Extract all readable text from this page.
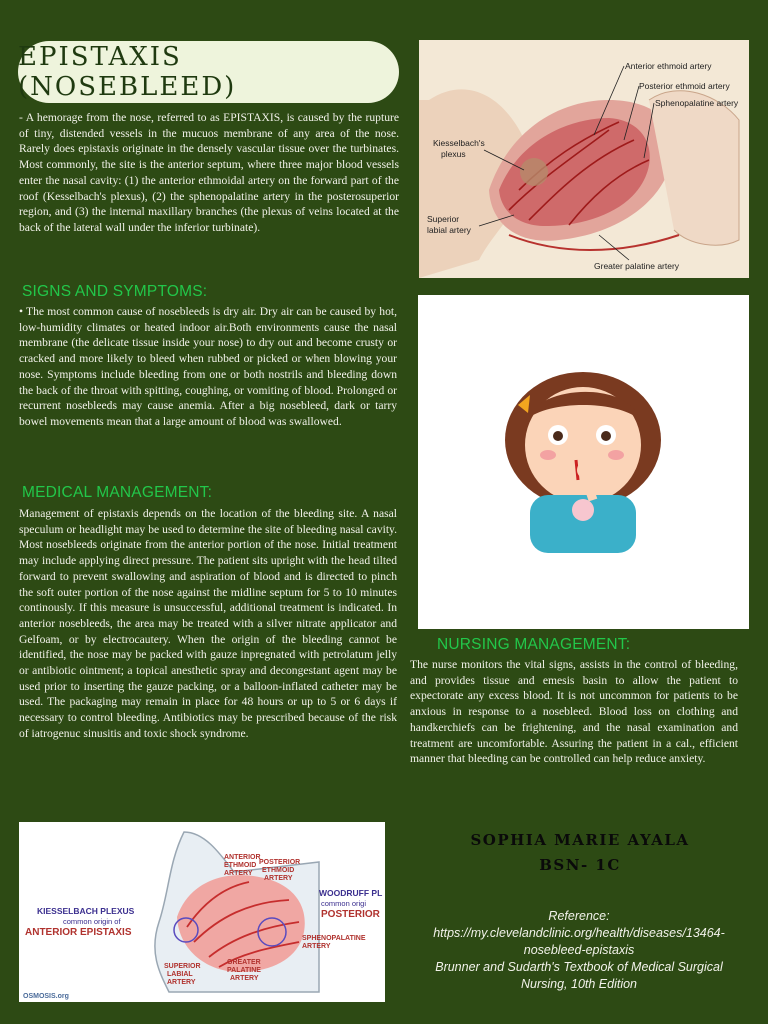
EPISTAXIS (NOSEBLEED)
- A hemorage from the nose, referred to as EPISTAXIS, is caused by the rupture of tiny, distended vessels in the mucuos membrane of any area of the nose. Rarely does epistaxis originate in the densely vascular tissue over the turbinates. Most commonly, the site is the anterior septum, where three major blood vessels enter the nasal cavity: (1) the anterior ethmoidal artery on the forward part of the roof (Kesselbach's plexus), (2) the sphenopalatine artery in the posterosuperior region, and (3) the internal maxillary branches (the plexus of veins located at the back of the lateral wall under the inferior turbinate).
SIGNS AND SYMPTOMS:
• The most common cause of nosebleeds is dry air. Dry air can be caused by hot, low-humidity climates or heated indoor air.Both environments cause the nasal membrane (the delicate tissue inside your nose) to dry out and become crusty or cracked and more likely to bleed when rubbed or picked or when blowing your nose. Symptoms include bleeding from one or both nostrils and bleeding down the back of the throat with spitting, coughing, or vomiting of blood. Prolonged or recurrent nosebleeds may cause anemia. After a big nosebleed, dark or tarry bowel movements mean that a large amount of blood was swallowed.
MEDICAL MANAGEMENT:
Management of epistaxis depends on the location of the bleeding site. A nasal speculum or headlight may be used to determine the site of bleeding nasal cavity. Most nosebleeds originate from the anterior portion of the nose. Initial treatment may include applying direct pressure. The patient sits upright with the head tilted forward to prevent swallowing and aspiration of blood and is directed to pinch the soft outer portion of the nose against the midline septum for 5 to 10 minutes continously. If this measure is unsuccessful, additional treatment is indicated. In anterior nosebleeds, the area may be treated with a silver nitrate applicator and Gelfoam, or by electrocautery. When the origin of the bleeding cannot be identified, the nose may be packed with gauze inpregnated with petrolatum jelly or antibiotic ointment; a topical anesthetic spray and decongestant agent may be used prior to inserting the gauze packing, or a balloon-inflated catheter may be used. The packaging may remain in place for 48 hours or up to 5 or 6 days if necessary to control bleeding. Antibiotics may be prescribed because of the risk of iatrogenuc sinusitis and toxic shock syndrome.
Anterior ethmoid artery
Posterior ethmoid artery
Sphenopalatine artery
Kiesselbach's
plexus
Superior
labial artery
Greater palatine artery
NURSING MANAGEMENT:
The nurse monitors the vital signs, assists in the control of bleeding, and provides tissue and emesis basin to allow the patient to expectorate any excess blood. It is not uncommon for patients to be anxious in response to a nosebleed. Blood loss on clothing and handkerchiefs can be frightening, and the nasal examination and treatment are uncomfortable. Assuring the patient in a cal., efficient manner that bleeding can be controlled can help reduce anxiety.
ANTERIOR
ETHMOID
ARTERY
POSTERIOR
ETHMOID
ARTERY
KIESSELBACH PLEXUS
common origin of
ANTERIOR EPISTAXIS
WOODRUFF PL
common origi
POSTERIOR
SPHENOPALATINE
ARTERY
SUPERIOR
LABIAL
ARTERY
GREATER
PALATINE
ARTERY
OSMOSIS.org
SOPHIA MARIE AYALA
BSN- 1C
Reference:
https://my.clevelandclinic.org/health/diseases/13464-
nosebleed-epistaxis
Brunner and Sudarth's Textbook of Medical Surgical
Nursing, 10th Edition
